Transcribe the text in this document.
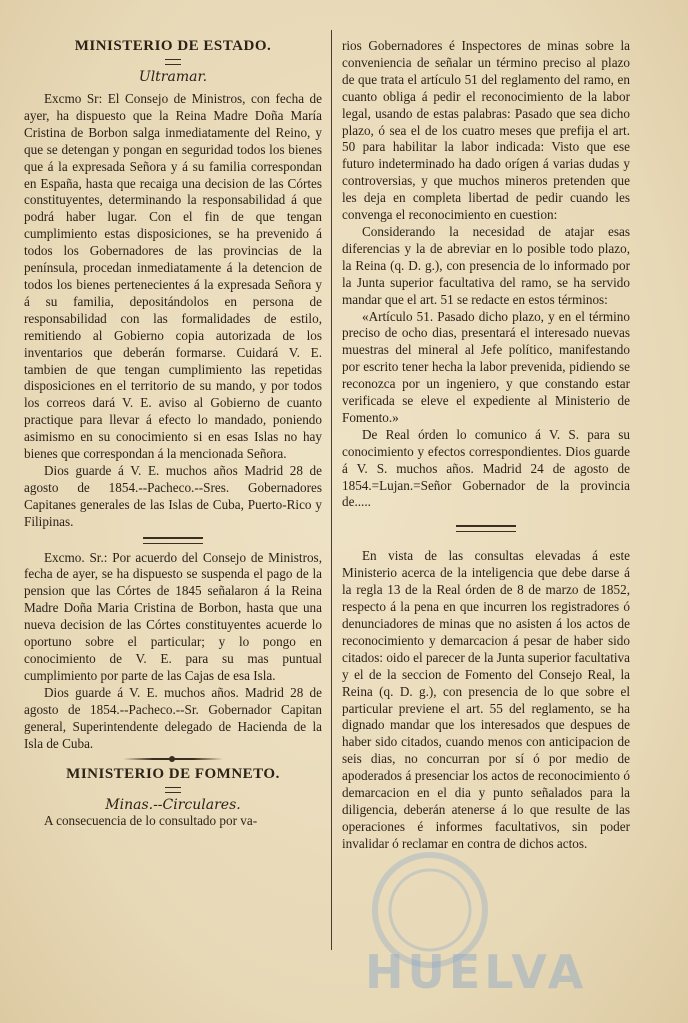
MINISTERIO DE ESTADO.
Ultramar.

Excmo Sr: El Consejo de Ministros, con fecha de ayer, ha dispuesto que la Reina Madre Doña María Cristina de Borbon salga inmediatamente del Reino, y que se detengan y pongan en seguridad todos los bienes que á la expresada Señora y á su familia correspondan en España, hasta que recaiga una decision de las Córtes constituyentes, determinando la responsabilidad á que podrá haber lugar. Con el fin de que tengan cumplimiento estas disposiciones, se ha prevenido á todos los Gobernadores de las provincias de la península, procedan inmediatamente á la detencion de todos los bienes pertenecientes á la expresada Señora y á su familia, depositándolos en persona de responsabilidad con las formalidades de estilo, remitiendo al Gobierno copia autorizada de los inventarios que deberán formarse. Cuidará V. E. tambien de que tengan cumplimiento las repetidas disposiciones en el territorio de su mando, y por todos los correos dará V. E. aviso al Gobierno de cuanto practique para llevar á efecto lo mandado, poniendo asimismo en su conocimiento si en esas Islas no hay bienes que correspondan á la mencionada Señora.

Dios guarde á V. E. muchos años Madrid 28 de agosto de 1854.--Pacheco.--Sres. Gobernadores Capitanes generales de las Islas de Cuba, Puerto-Rico y Filipinas.

Excmo. Sr.: Por acuerdo del Consejo de Ministros, fecha de ayer, se ha dispuesto se suspenda el pago de la pension que las Córtes de 1845 señalaron á la Reina Madre Doña Maria Cristina de Borbon, hasta que una nueva decision de las Córtes constituyentes acuerde lo oportuno sobre el particular; y lo pongo en conocimiento de V. E. para su mas puntual cumplimiento por parte de las Cajas de esa Isla.

Dios guarde á V. E. muchos años. Madrid 28 de agosto de 1854.--Pacheco.--Sr. Gobernador Capitan general, Superintendente delegado de Hacienda de la Isla de Cuba.

MINISTERIO DE FOMNETO.
Minas.--Circulares.

A consecuencia de lo consultado por va-

rios Gobernadores é Inspectores de minas sobre la conveniencia de señalar un término preciso al plazo de que trata el artículo 51 del reglamento del ramo, en cuanto obliga á pedir el reconocimiento de la labor legal, usando de estas palabras: Pasado que sea dicho plazo, ó sea el de los cuatro meses que prefija el art. 50 para habilitar la labor indicada: Visto que ese futuro indeterminado ha dado orígen á varias dudas y controversias, y que muchos mineros pretenden que les deja en completa libertad de pedir cuando les convenga el reconocimiento en cuestion:

Considerando la necesidad de atajar esas diferencias y la de abreviar en lo posible todo plazo, la Reina (q. D. g.), con presencia de lo informado por la Junta superior facultativa del ramo, se ha servido mandar que el art. 51 se redacte en estos términos:

«Artículo 51. Pasado dicho plazo, y en el término preciso de ocho dias, presentará el interesado nuevas muestras del mineral al Jefe político, manifestando por escrito tener hecha la labor prevenida, pidiendo se reconozca por un ingeniero, y que constando estar verificada se eleve el expediente al Ministerio de Fomento.»

De Real órden lo comunico á V. S. para su conocimiento y efectos correspondientes. Dios guarde á V. S. muchos años. Madrid 24 de agosto de 1854.=Lujan.=Señor Gobernador de la provincia de.....

En vista de las consultas elevadas á este Ministerio acerca de la inteligencia que debe darse á la regla 13 de la Real órden de 8 de marzo de 1852, respecto á la pena en que incurren los registradores ó denunciadores de minas que no asisten á los actos de reconocimiento y demarcacion á pesar de haber sido citados: oido el parecer de la Junta superior facultativa y el de la seccion de Fomento del Consejo Real, la Reina (q. D. g.), con presencia de lo que sobre el particular previene el art. 55 del reglamento, se ha dignado mandar que los interesados que despues de haber sido citados, cuando menos con anticipacion de seis dias, no concurran por sí ó por medio de apoderados á presenciar los actos de reconocimiento ó demarcacion en el dia y punto señalados para la diligencia, deberán atenerse á lo que resulte de las operaciones é informes facultativos, sin poder invalidar ó reclamar en contra de dichos actos.

HUELVA
